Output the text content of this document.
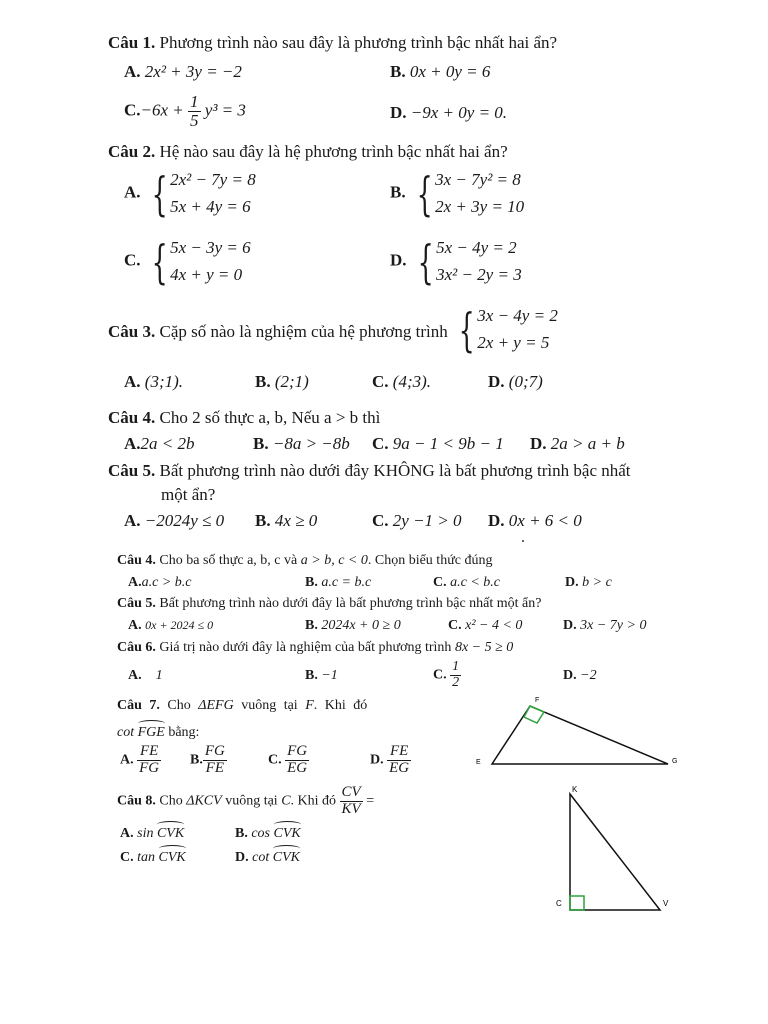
Câu 1. Phương trình nào sau đây là phương trình bậc nhất hai ẩn?
A. 2x² + 3y = −2	B. 0x + 0y = 6
$C.-6x + \frac{1}{5} y^3 = 3$	D. −9x + 0y = 0.
Câu 2. Hệ nào sau đây là hệ phương trình bậc nhất hai ẩn?
A. { 2x² − 7y = 8
5x + 4y = 6
B. { 3x − 7y² = 8
2x + 3y = 10
C. { 5x − 3y = 6
4x + y = 0
D. { 5x − 4y = 2
3x² − 2y = 3
Câu 3. Cặp số nào là nghiệm của hệ phương trình { 3x − 4y = 2
2x + y = 5
A. (3;1).	B. (2;1)	C. (4;3).	D. (0;7)
Câu 4. Cho 2 số thực a, b, Nếu a > b thì
A.2a < 2b	B. −8a > −8b C. 9a − 1 < 9b − 1 D. 2a > a + b
Câu 5. Bất phương trình nào dưới đây KHÔNG là bất phương trình bậc nhất
một ẩn?
A. −2024y ≤ 0 B. 4x ≥ 0	C. 2y −1 > 0 D. 0x + 6 < 0
Câu 4. Cho ba số thực a, b, c và a > b, c < 0. Chọn biểu thức đúng
A.a.c > b.c	B. a.c = b.c	C. a.c < b.c	D. b > c
Câu 5. Bất phương trình nào dưới đây là bất phương trình bậc nhất một ẩn?
A. 0x + 2024 ≤ 0	B. 2024x + 0 ≥ 0	C. x² − 4 < 0	D. 3x − 7y > 0
Câu 6. Giá trị nào dưới đây là nghiệm của bất phương trình 8x − 5 ≥ 0
A. 1	B. −1	C. $\frac{1}{2}$	D. −2
Câu 7. Cho ΔEFG vuông tại F. Khi đó
cot FGE bằng:
A. $\frac{FE}{FG} B$. $\frac{FG}{FE}$	C. $\frac{FG}{EG}$	D. $\frac{FE}{EG}$
F
E	G
Câu 8. Cho ΔKCV vuông tại C. Khi đó $\frac{CV}{KV}$ =
A. sin CVK	B. cos CVK
C. tan CVK	D. cot CVK
K
C	V
